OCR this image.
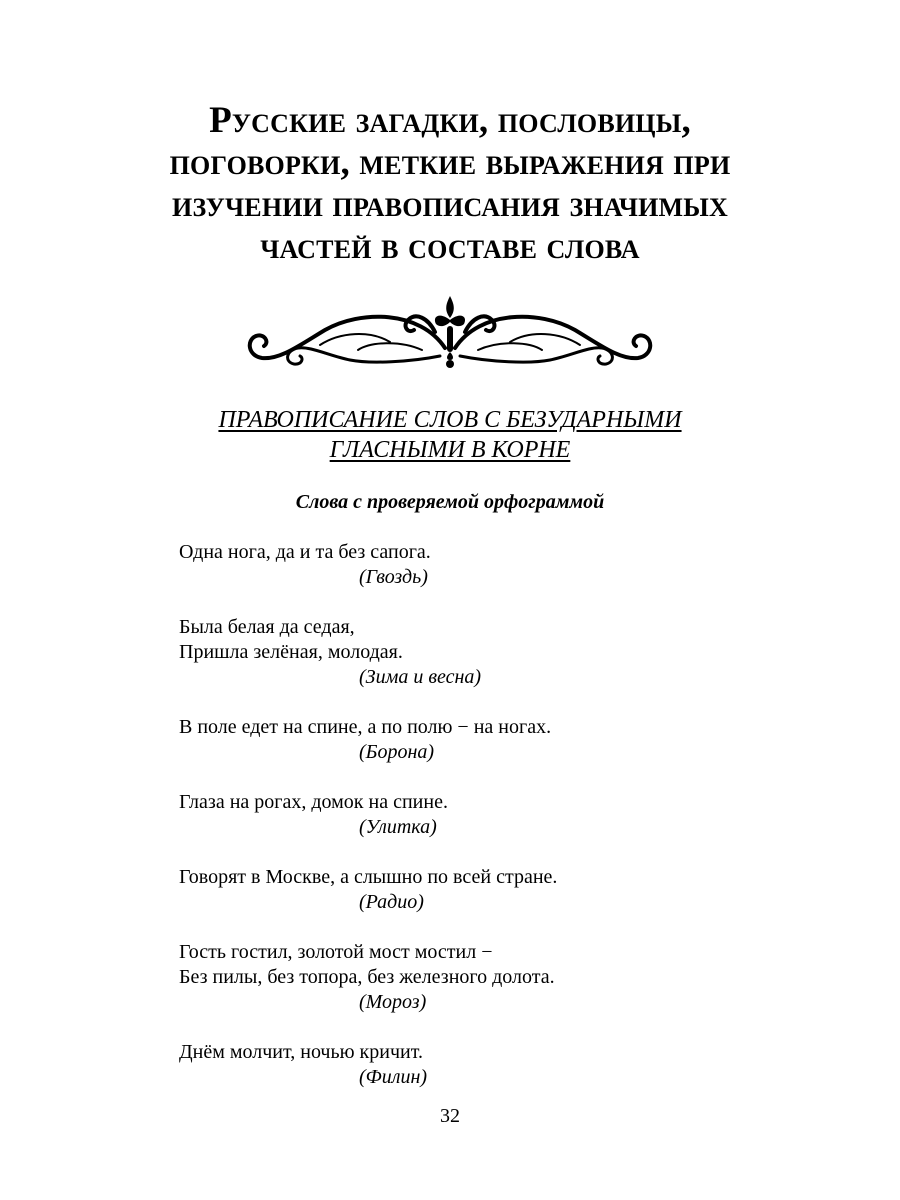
Русские загадки, пословицы,
поговорки, меткие выражения при
изучении правописания значимых
частей в составе слова
ПРАВОПИСАНИЕ СЛОВ С БЕЗУДАРНЫМИ
ГЛАСНЫМИ В КОРНЕ
Слова с проверяемой орфограммой
Одна нога, да и та без сапога.
(Гвоздь)
Была белая да седая,
Пришла зелёная, молодая.
(Зима и весна)
В поле едет на спине, а по полю − на ногах.
(Борона)
Глаза на рогах, домок на спине.
(Улитка)
Говорят в Москве, а слышно по всей стране.
(Радио)
Гость гостил, золотой мост мостил −
Без пилы, без топора, без железного долота.
(Мороз)
Днём молчит, ночью кричит.
(Филин)
32
